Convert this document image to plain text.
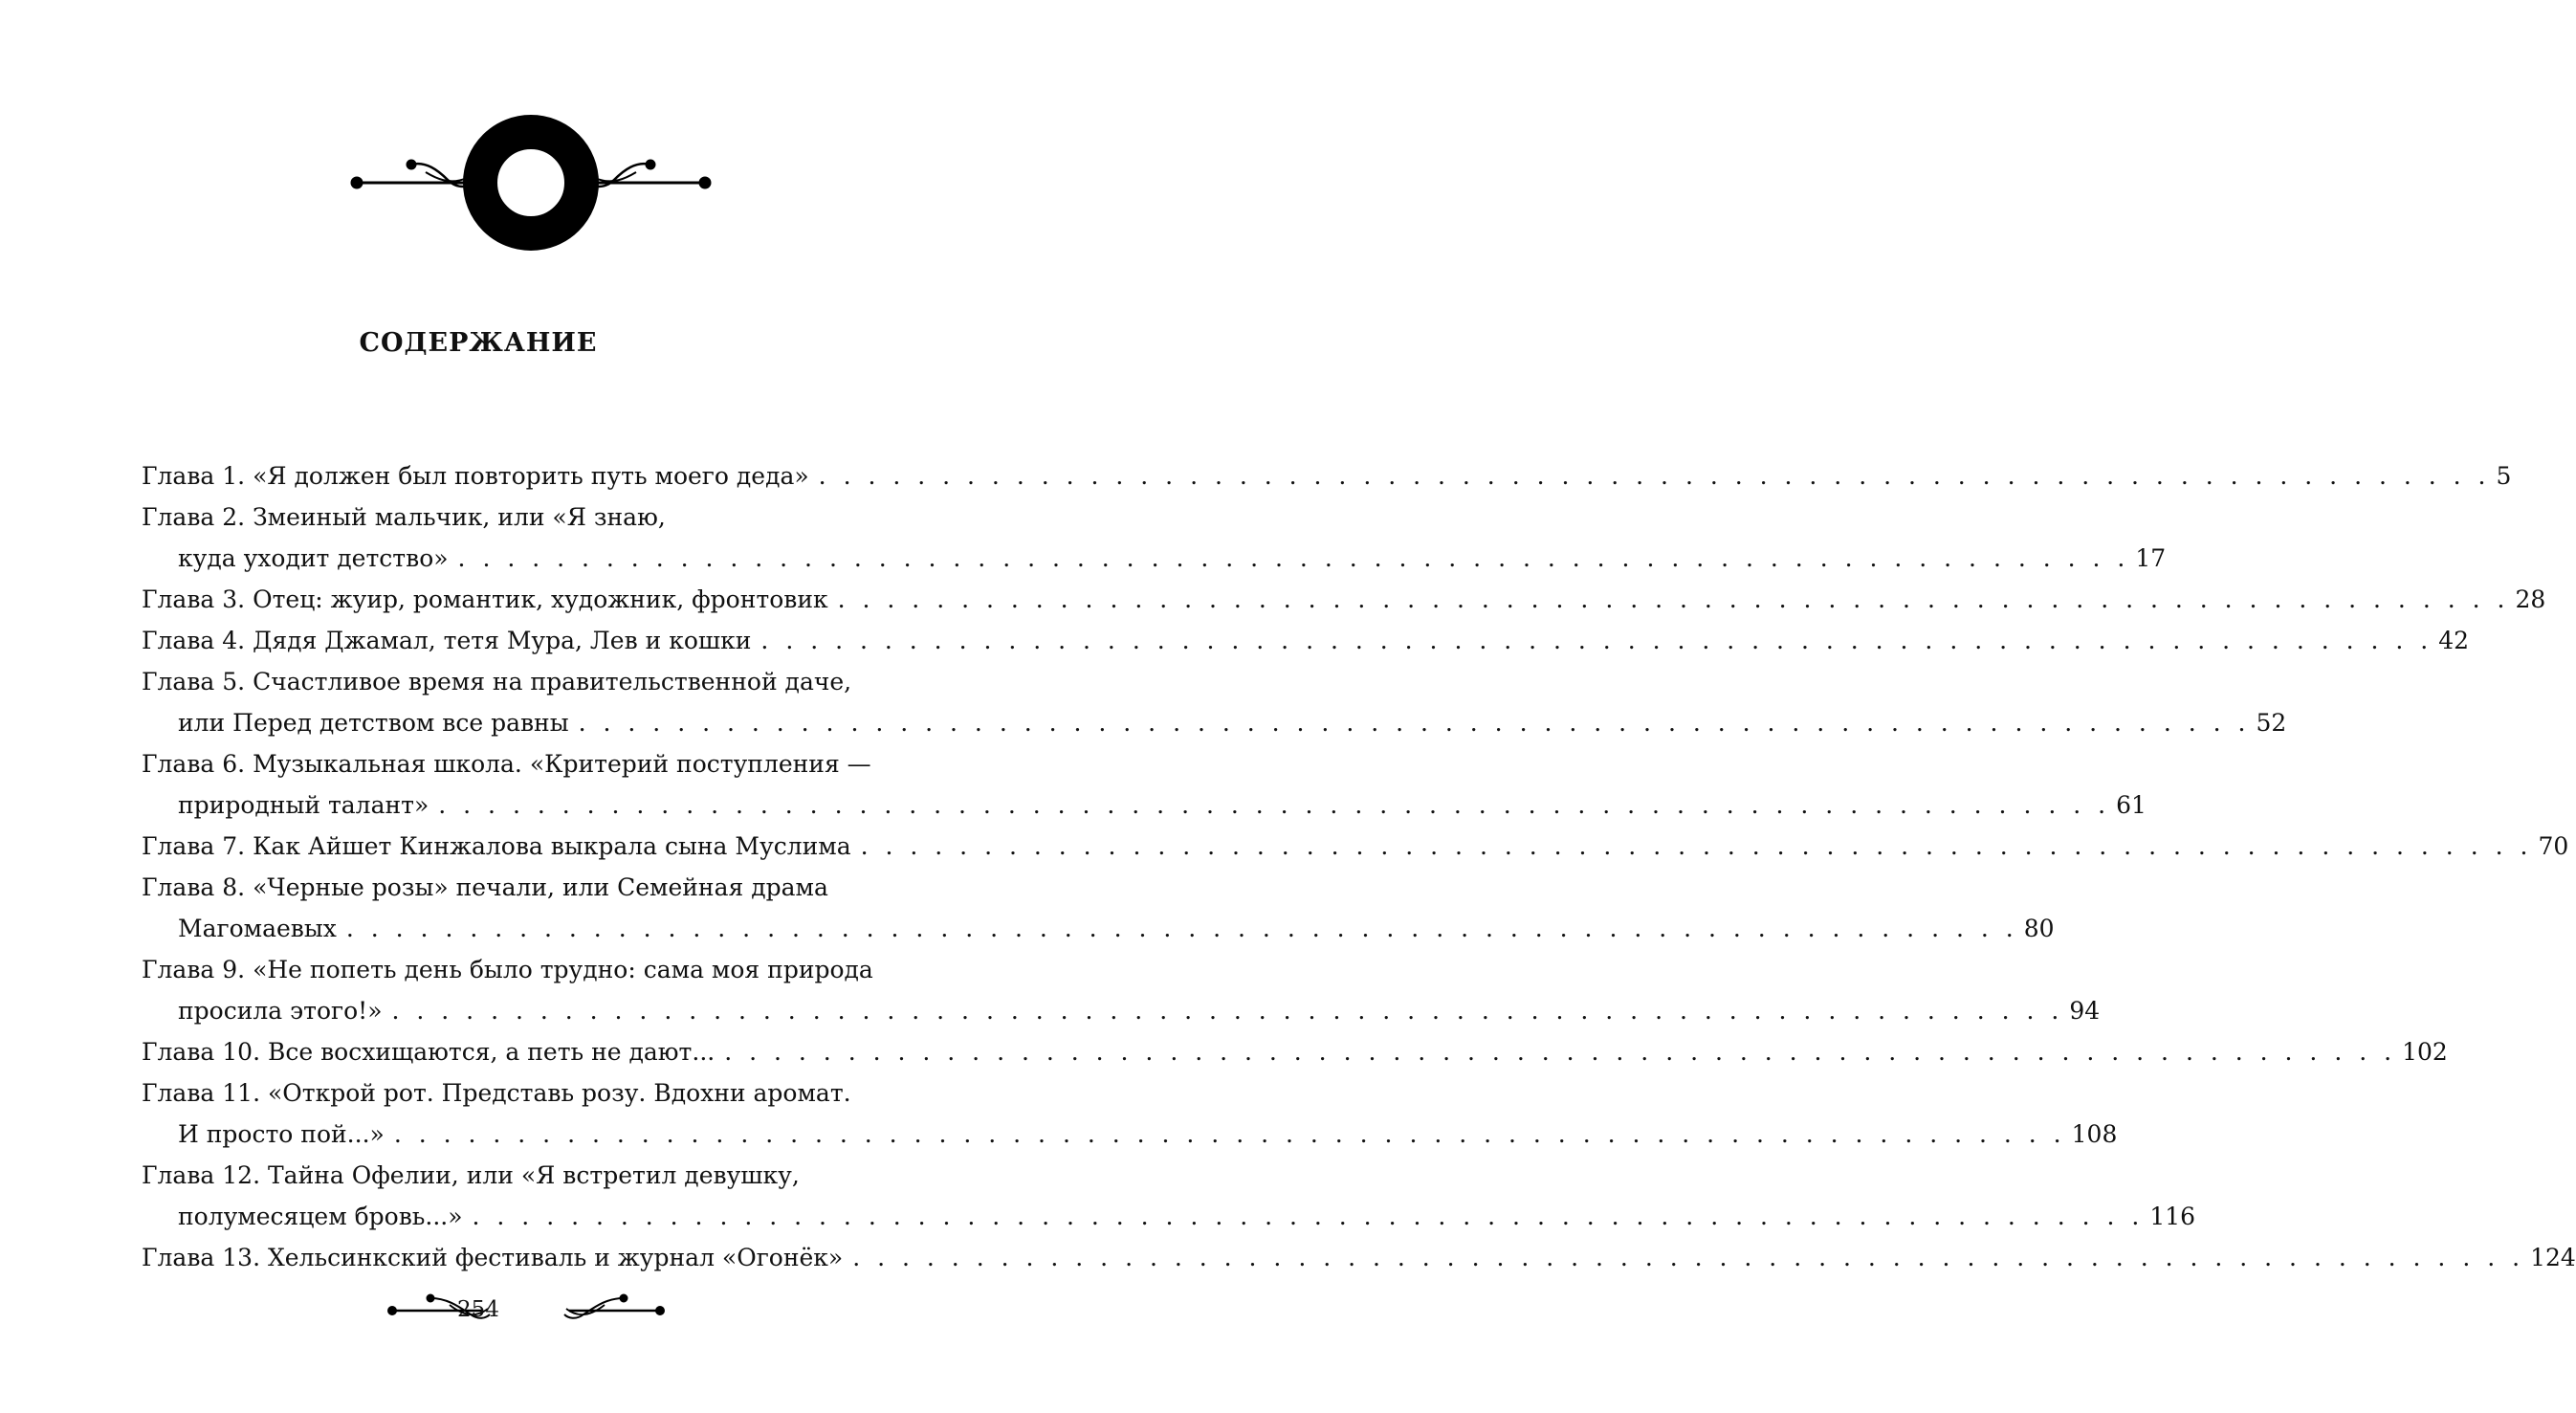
СОДЕРЖАНИЕ
Глава 1. «Я должен был повторить путь моего деда» . . .	5
Глава 2. Змеиный мальчик, или «Я знаю,
куда уходит детство» . . .	17
Глава 3. Отец: жуир, романтик, художник, фронтовик . . .	28
Глава 4. Дядя Джамал, тетя Мура, Лев и кошки . . .	42
Глава 5. Счастливое время на правительственной даче,
или Перед детством все равны . . .	52
Глава 6. Музыкальная школа. «Критерий поступления —
природный талант» . . .	61
Глава 7. Как Айшет Кинжалова выкрала сына Муслима . . .	70
Глава 8. «Черные розы» печали, или Семейная драма
Магомаевых . . .	80
Глава 9. «Не попеть день было трудно: сама моя природа
просила этого!» . . .	94
Глава 10. Все восхищаются, а петь не дают... . . .	102
Глава 11. «Открой рот. Представь розу. Вдохни аромат.
И просто пой...» . . .	108
Глава 12. Тайна Офелии, или «Я встретил девушку,
полумесяцем бровь...» . . .	116
Глава 13. Хельсинкский фестиваль и журнал «Огонёк» . . .	124
254
